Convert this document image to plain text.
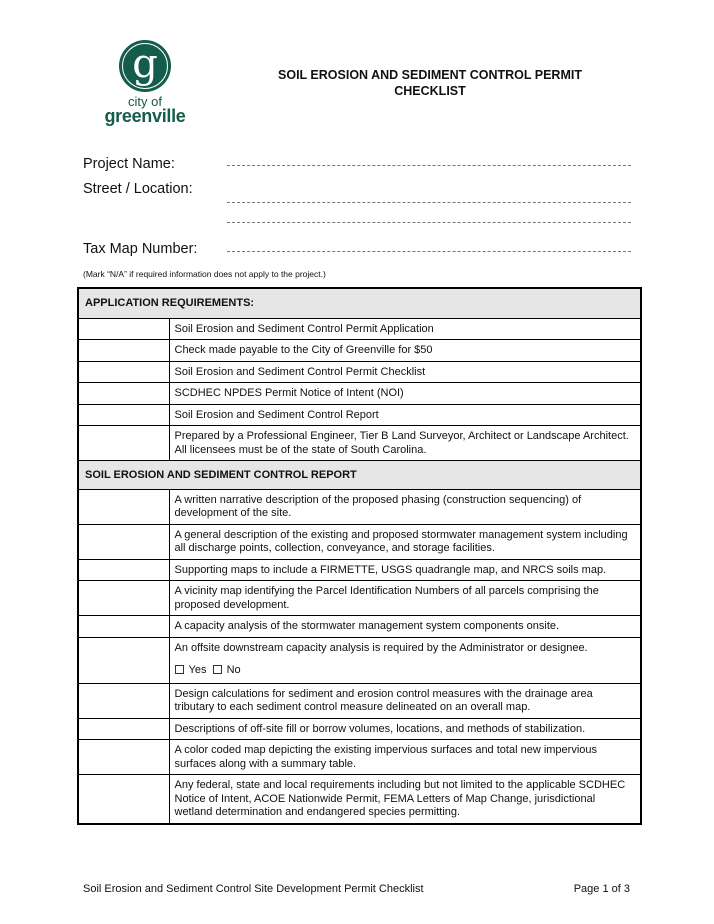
g
city of
greenville
SOIL EROSION AND SEDIMENT CONTROL PERMIT
CHECKLIST
Project Name:
Street / Location:
Tax Map Number:
(Mark “N/A” if required information does not apply to the project.)
APPLICATION REQUIREMENTS:	
	Soil Erosion and Sediment Control Permit Application
	Check made payable to the City of Greenville for $50
	Soil Erosion and Sediment Control Permit Checklist
	SCDHEC NPDES Permit Notice of Intent (NOI)
	Soil Erosion and Sediment Control Report
	Prepared by a Professional Engineer, Tier B Land Surveyor, Architect or Landscape Architect. All licensees must be of the state of South Carolina.
SOIL EROSION AND SEDIMENT CONTROL REPORT	
	A written narrative description of the proposed phasing (construction sequencing) of development of the site.
	A general description of the existing and proposed stormwater management system including all discharge points, collection, conveyance, and storage facilities.
	Supporting maps to include a FIRMETTE, USGS quadrangle map, and NRCS soils map.
	A vicinity map identifying the Parcel Identification Numbers of all parcels comprising the proposed development.
	A capacity analysis of the stormwater management system components onsite.
	An offsite downstream capacity analysis is required by the Administrator or designee.
Yes No

	Design calculations for sediment and erosion control measures with the drainage area tributary to each sediment control measure delineated on an overall map.
	Descriptions of off-site fill or borrow volumes, locations, and methods of stabilization.
	A color coded map depicting the existing impervious surfaces and total new impervious surfaces along with a summary table.
	Any federal, state and local requirements including but not limited to the applicable SCDHEC Notice of Intent, ACOE Nationwide Permit, FEMA Letters of Map Change, jurisdictional wetland determination and endangered species permitting.
Soil Erosion and Sediment Control Site Development Permit Checklist	Page 1 of 3
